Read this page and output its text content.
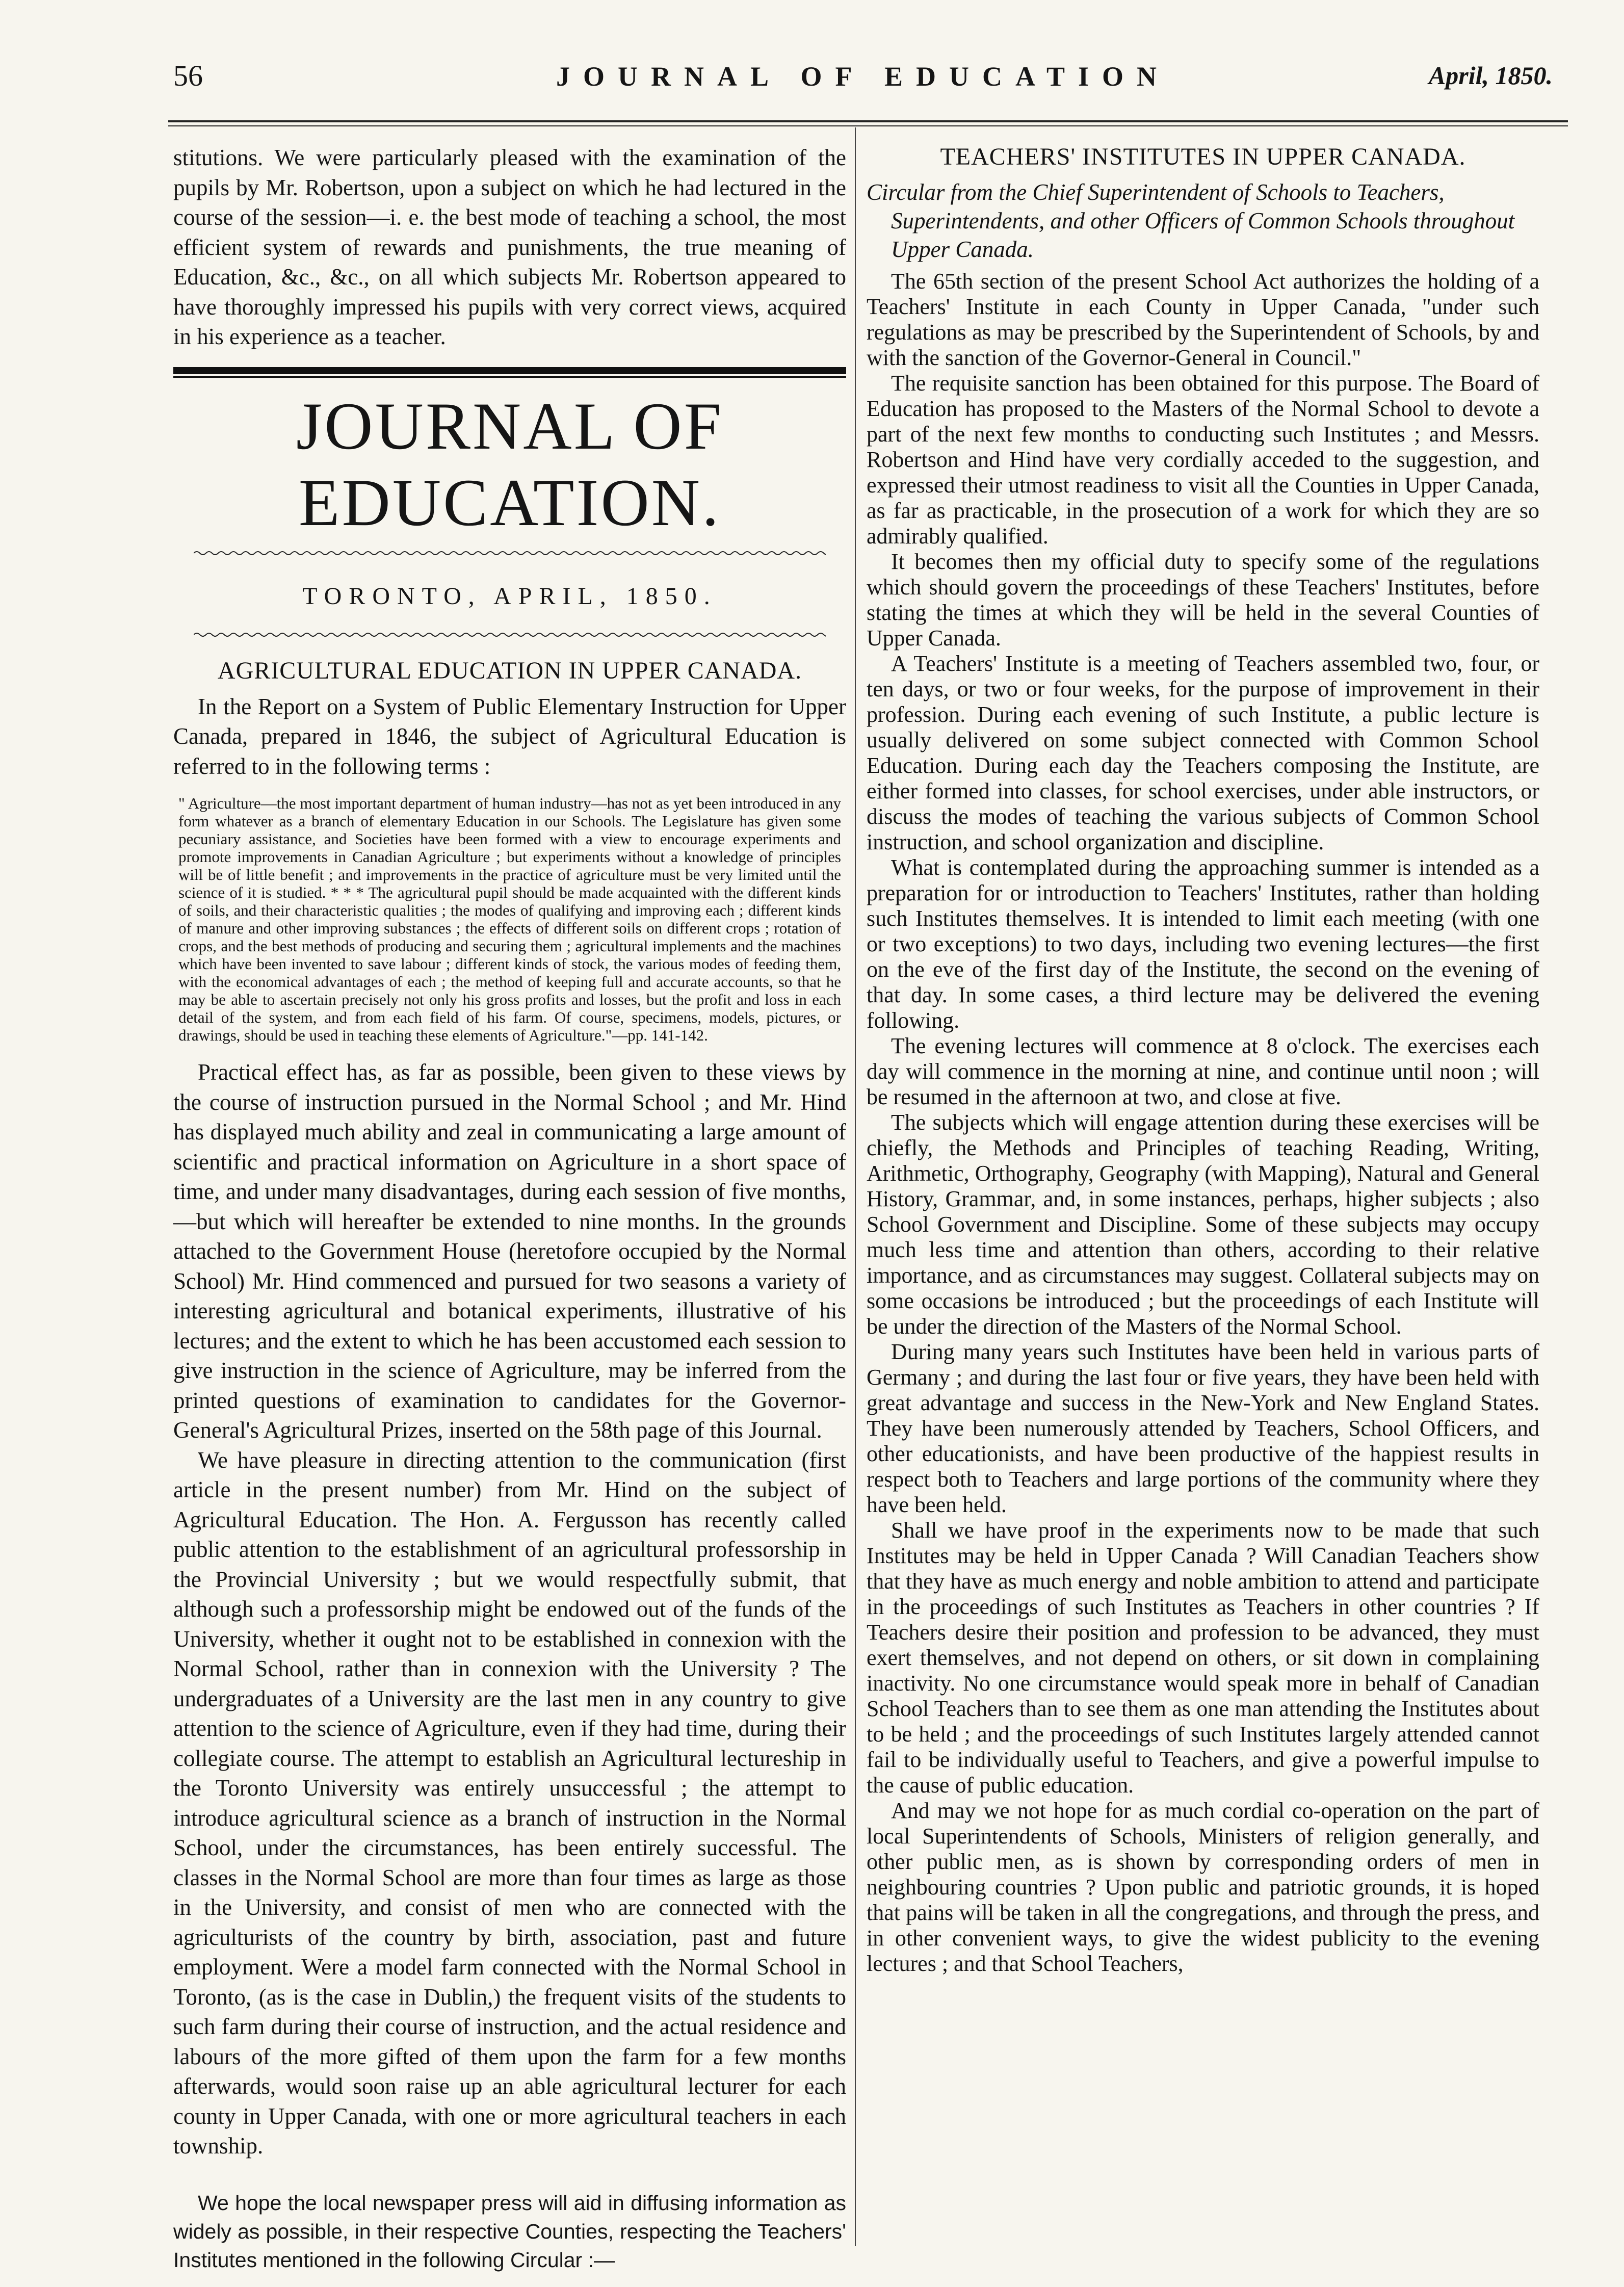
56	JOURNAL OF EDUCATION	April, 1850.

stitutions. We were particularly pleased with the examination of the pupils by Mr. Robertson, upon a subject on which he had lectured in the course of the session—i. e. the best mode of teaching a school, the most efficient system of rewards and punishments, the true meaning of Education, &c., &c., on all which subjects Mr. Robertson appeared to have thoroughly impressed his pupils with very correct views, acquired in his experience as a teacher.

JOURNAL OF EDUCATION.
TORONTO, APRIL, 1850.
AGRICULTURAL EDUCATION IN UPPER CANADA.

In the Report on a System of Public Elementary Instruction for Upper Canada, prepared in 1846, the subject of Agricultural Education is referred to in the following terms :

" Agriculture—the most important department of human industry—has not as yet been introduced in any form whatever as a branch of elementary Education in our Schools. The Legislature has given some pecuniary assistance, and Societies have been formed with a view to encourage experiments and promote improvements in Canadian Agriculture ; but experiments without a knowledge of principles will be of little benefit ; and improvements in the practice of agriculture must be very limited until the science of it is studied. * * * The agricultural pupil should be made acquainted with the different kinds of soils, and their characteristic qualities ; the modes of qualifying and improving each ; different kinds of manure and other improving substances ; the effects of different soils on different crops ; rotation of crops, and the best methods of producing and securing them ; agricultural implements and the machines which have been invented to save labour ; different kinds of stock, the various modes of feeding them, with the economical advantages of each ; the method of keeping full and accurate accounts, so that he may be able to ascertain precisely not only his gross profits and losses, but the profit and loss in each detail of the system, and from each field of his farm. Of course, specimens, models, pictures, or drawings, should be used in teaching these elements of Agriculture."—pp. 141-142.

Practical effect has, as far as possible, been given to these views by the course of instruction pursued in the Normal School ; and Mr. Hind has displayed much ability and zeal in communicating a large amount of scientific and practical information on Agriculture in a short space of time, and under many disadvantages, during each session of five months,—but which will hereafter be extended to nine months. In the grounds attached to the Government House (heretofore occupied by the Normal School) Mr. Hind commenced and pursued for two seasons a variety of interesting agricultural and botanical experiments, illustrative of his lectures; and the extent to which he has been accustomed each session to give instruction in the science of Agriculture, may be inferred from the printed questions of examination to candidates for the Governor-General's Agricultural Prizes, inserted on the 58th page of this Journal.

We have pleasure in directing attention to the communication (first article in the present number) from Mr. Hind on the subject of Agricultural Education. The Hon. A. Fergusson has recently called public attention to the establishment of an agricultural professorship in the Provincial University ; but we would respectfully submit, that although such a professorship might be endowed out of the funds of the University, whether it ought not to be established in connexion with the Normal School, rather than in connexion with the University ? The undergraduates of a University are the last men in any country to give attention to the science of Agriculture, even if they had time, during their collegiate course. The attempt to establish an Agricultural lectureship in the Toronto University was entirely unsuccessful ; the attempt to introduce agricultural science as a branch of instruction in the Normal School, under the circumstances, has been entirely successful. The classes in the Normal School are more than four times as large as those in the University, and consist of men who are connected with the agriculturists of the country by birth, association, past and future employment. Were a model farm connected with the Normal School in Toronto, (as is the case in Dublin,) the frequent visits of the students to such farm during their course of instruction, and the actual residence and labours of the more gifted of them upon the farm for a few months afterwards, would soon raise up an able agricultural lecturer for each county in Upper Canada, with one or more agricultural teachers in each township.

We hope the local newspaper press will aid in diffusing information as widely as possible, in their respective Counties, respecting the Teachers' Institutes mentioned in the following Circular :—

TEACHERS' INSTITUTES IN UPPER CANADA.
Circular from the Chief Superintendent of Schools to Teachers, Superintendents, and other Officers of Common Schools throughout Upper Canada.

The 65th section of the present School Act authorizes the holding of a Teachers' Institute in each County in Upper Canada, "under such regulations as may be prescribed by the Superintendent of Schools, by and with the sanction of the Governor-General in Council."

The requisite sanction has been obtained for this purpose. The Board of Education has proposed to the Masters of the Normal School to devote a part of the next few months to conducting such Institutes ; and Messrs. Robertson and Hind have very cordially acceded to the suggestion, and expressed their utmost readiness to visit all the Counties in Upper Canada, as far as practicable, in the prosecution of a work for which they are so admirably qualified.

It becomes then my official duty to specify some of the regulations which should govern the proceedings of these Teachers' Institutes, before stating the times at which they will be held in the several Counties of Upper Canada.

A Teachers' Institute is a meeting of Teachers assembled two, four, or ten days, or two or four weeks, for the purpose of improvement in their profession. During each evening of such Institute, a public lecture is usually delivered on some subject connected with Common School Education. During each day the Teachers composing the Institute, are either formed into classes, for school exercises, under able instructors, or discuss the modes of teaching the various subjects of Common School instruction, and school organization and discipline.

What is contemplated during the approaching summer is intended as a preparation for or introduction to Teachers' Institutes, rather than holding such Institutes themselves. It is intended to limit each meeting (with one or two exceptions) to two days, including two evening lectures—the first on the eve of the first day of the Institute, the second on the evening of that day. In some cases, a third lecture may be delivered the evening following.

The evening lectures will commence at 8 o'clock. The exercises each day will commence in the morning at nine, and continue until noon ; will be resumed in the afternoon at two, and close at five.

The subjects which will engage attention during these exercises will be chiefly, the Methods and Principles of teaching Reading, Writing, Arithmetic, Orthography, Geography (with Mapping), Natural and General History, Grammar, and, in some instances, perhaps, higher subjects ; also School Government and Discipline. Some of these subjects may occupy much less time and attention than others, according to their relative importance, and as circumstances may suggest. Collateral subjects may on some occasions be introduced ; but the proceedings of each Institute will be under the direction of the Masters of the Normal School.

During many years such Institutes have been held in various parts of Germany ; and during the last four or five years, they have been held with great advantage and success in the New-York and New England States. They have been numerously attended by Teachers, School Officers, and other educationists, and have been productive of the happiest results in respect both to Teachers and large portions of the community where they have been held.

Shall we have proof in the experiments now to be made that such Institutes may be held in Upper Canada ? Will Canadian Teachers show that they have as much energy and noble ambition to attend and participate in the proceedings of such Institutes as Teachers in other countries ? If Teachers desire their position and profession to be advanced, they must exert themselves, and not depend on others, or sit down in complaining inactivity. No one circumstance would speak more in behalf of Canadian School Teachers than to see them as one man attending the Institutes about to be held ; and the proceedings of such Institutes largely attended cannot fail to be individually useful to Teachers, and give a powerful impulse to the cause of public education.

And may we not hope for as much cordial co-operation on the part of local Superintendents of Schools, Ministers of religion generally, and other public men, as is shown by corresponding orders of men in neighbouring countries ? Upon public and patriotic grounds, it is hoped that pains will be taken in all the congregations, and through the press, and in other convenient ways, to give the widest publicity to the evening lectures ; and that School Teachers,
